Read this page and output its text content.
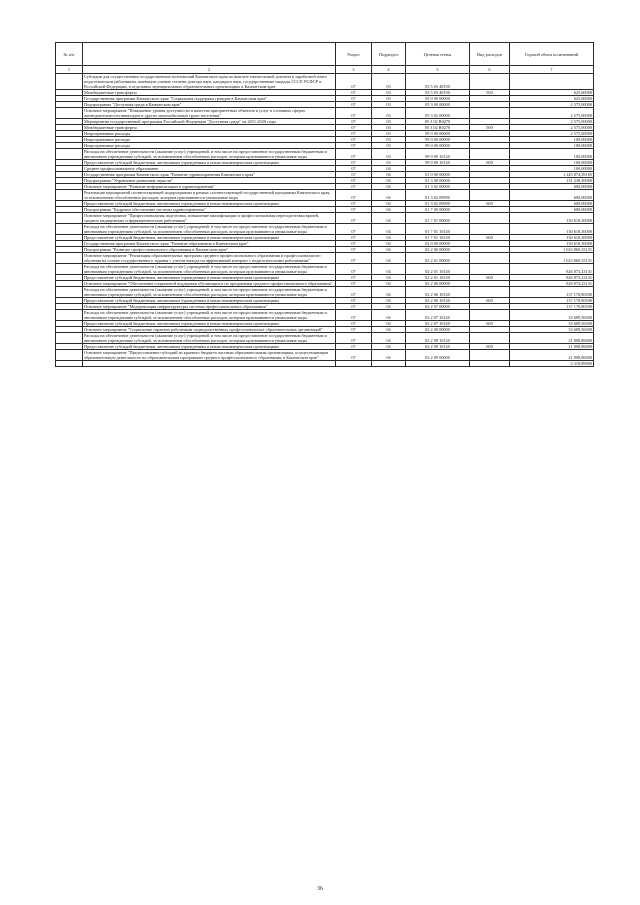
№ п/п		Раздел	Подраздел	Целевая статья	Вид расходов	Годовой объем ассигнований
1	2	3	4	5	6	7
	Субсидии для осуществления государственных полномочий Камчатского края по выплате ежемесячной доплаты к заработной плате педагогическим работникам, имеющим ученые степени доктора наук, кандидата наук, государственные награды СССР, РСФСР и Российской Федерации, в отдельных муниципальных образовательных организациях в Камчатском крае	07	03	03 5 03 40190		
	Межбюджетные трансферты	07	03	03 5 03 40190	500	625,60000
	Государственная программа Камчатского края "Социальная поддержка граждан в Камчатском крае"	07	03	05 0 00 00000		625,60000
	Подпрограмма "Доступная среда в Камчатском крае"	07	03	05 3 00 00000		2 575,00000
	Основное мероприятие "Повышение уровня доступности и качества приоритетных объектов и услуг в основных сферах жизнедеятельности инвалидов и других маломобильных групп населения"	07	03	05 3 02 00000		2 575,00000
	Мероприятия государственной программы Российской Федерации "Доступная среда" на 2011-2020 годы	07	03	05 3 02 R0270		2 575,00000
	Межбюджетные трансферты	07	03	05 3 02 R0270	500	2 575,00000
	Непрограммные расходы	07	03	99 0 00 00000		2 575,00000
	Непрограммные расходы	07	03	99 0 00 00000		100,00000
	Непрограммные расходы	07	03	99 0 00 00000		100,00000
	Расходы на обеспечение деятельности (оказание услуг) учреждений, в том числе на предоставление государственным бюджетным и автономным учреждениям субсидий, за исключением обособленных расходов, которым присваиваются уникальные коды	07	03	99 0 00 10140		100,00000
	Предоставление субсидий бюджетным, автономным учреждениям и иным некоммерческим организациям	07	03	99 0 00 10140	600	100,00000
	Среднее профессиональное образование	07	04			100,00000
	Государственная программа Камчатского края "Развитие здравоохранения Камчатского края"	07	04	01 0 00 00000		1 245 874,39185
	Подпрограмма "Управление развитием отрасли"	07	04	01 3 00 00000		131 238,30000
	Основное мероприятие "Развитие информатизации в здравоохранении"	07	04	01 3 02 00000		600,00000
	Реализация мероприятий соответствующей подпрограммы в рамках соответствующей государственной программы Камчатского края, за исключением обособленных расходов, которым присваиваются уникальные коды	07	04	01 3 02 09990		600,00000
	Предоставление субсидий бюджетным, автономным учреждениям и иным некоммерческим организациям	07	04	01 3 02 09990	600	600,00000
	Подпрограмма "Кадровое обеспечение системы здравоохранения"	07	04	01 7 00 00000		600,00000
	Основное мероприятие "Профессиональная подготовка, повышение квалификации и профессиональная переподготовка врачей, средних медицинских и фармацевтических работников"	07	04	01 7 01 00000		130 618,30000
	Расходы на обеспечение деятельности (оказание услуг) учреждений, в том числе на предоставление государственным бюджетным и автономным учреждениям субсидий, за исключением обособленных расходов, которым присваиваются уникальные коды	07	04	01 7 01 10140		130 618,30000
	Предоставление субсидий бюджетным, автономным учреждениям и иным некоммерческим организациям	07	04	01 7 01 10140	600	130 618,30000
	Государственная программа Камчатского края "Развитие образования в Камчатском крае"	07	04	02 0 00 00000		130 618,30000
	Подпрограмма "Развитие профессионального образования в Камчатском крае"	07	04	02 2 00 00000		1 023 869,35131
	Основное мероприятие "Реализация образовательных программ среднего профессионального образования и профессионального обучения на основе государственного задания с учетом выхода на эффективный контракт с педагогическими работниками"	07	04	02 2 01 00000		1 023 869,35131
	Расходы на обеспечение деятельности (оказание услуг) учреждений, в том числе на предоставление государственным бюджетным и автономным учреждениям субсидий, за исключением обособленных расходов, которым присваиваются уникальные коды	07	04	02 2 01 10140		826 873,23131
	Предоставление субсидий бюджетным, автономным учреждениям и иным некоммерческим организациям	07	04	02 2 01 10140	600	826 873,23131
	Основное мероприятие "Обеспечение социальной поддержки обучающихся по программам среднего профессионального образования"	07	04	02 2 06 00000		826 873,23131
	Расходы на обеспечение деятельности (оказание услуг) учреждений, в том числе на предоставление государственным бюджетным и автономным учреждениям субсидий, за исключением обособленных расходов, которым присваиваются уникальные коды	07	04	02 2 06 10140		137 178,80500
	Предоставление субсидий бюджетным, автономным учреждениям и иным некоммерческим организациям	07	04	02 2 06 10140	600	137 178,80500
	Основное мероприятие "Модернизация инфраструктуры системы профессионального образования"	07	04	02 2 07 00000		137 178,80500
	Расходы на обеспечение деятельности (оказание услуг) учреждений, в том числе на предоставление государственным бюджетным и автономным учреждениям субсидий, за исключением обособленных расходов, которым присваиваются уникальные коды	07	04	02 2 07 10140		33 689,56500
	Предоставление субсидий бюджетным, автономным учреждениям и иным некоммерческим организациям	07	04	02 2 07 10140	600	33 689,56500
	Основное мероприятие "Социальные гарантии работникам подведомственных профессиональных образовательных организаций"	07	04	02 2 08 00000		33 689,56500
	Расходы на обеспечение деятельности (оказание услуг) учреждений, в том числе на предоставление государственным бюджетным и автономным учреждениям субсидий, за исключением обособленных расходов, которым присваиваются уникальные коды	07	04	02 2 08 10140		21 808,86000
	Предоставление субсидий бюджетным, автономным учреждениям и иным некоммерческим организациям	07	04	02 2 08 10140	600	21 808,86000
	Основное мероприятие "Предоставление субсидий из краевого бюджета частным образовательным организациям, осуществляющим образовательную деятельность по образовательным программам среднего профессионального образования, в Камчатском крае"	07	04	02 2 09 00000		21 808,86000
						4 318,89000
36
